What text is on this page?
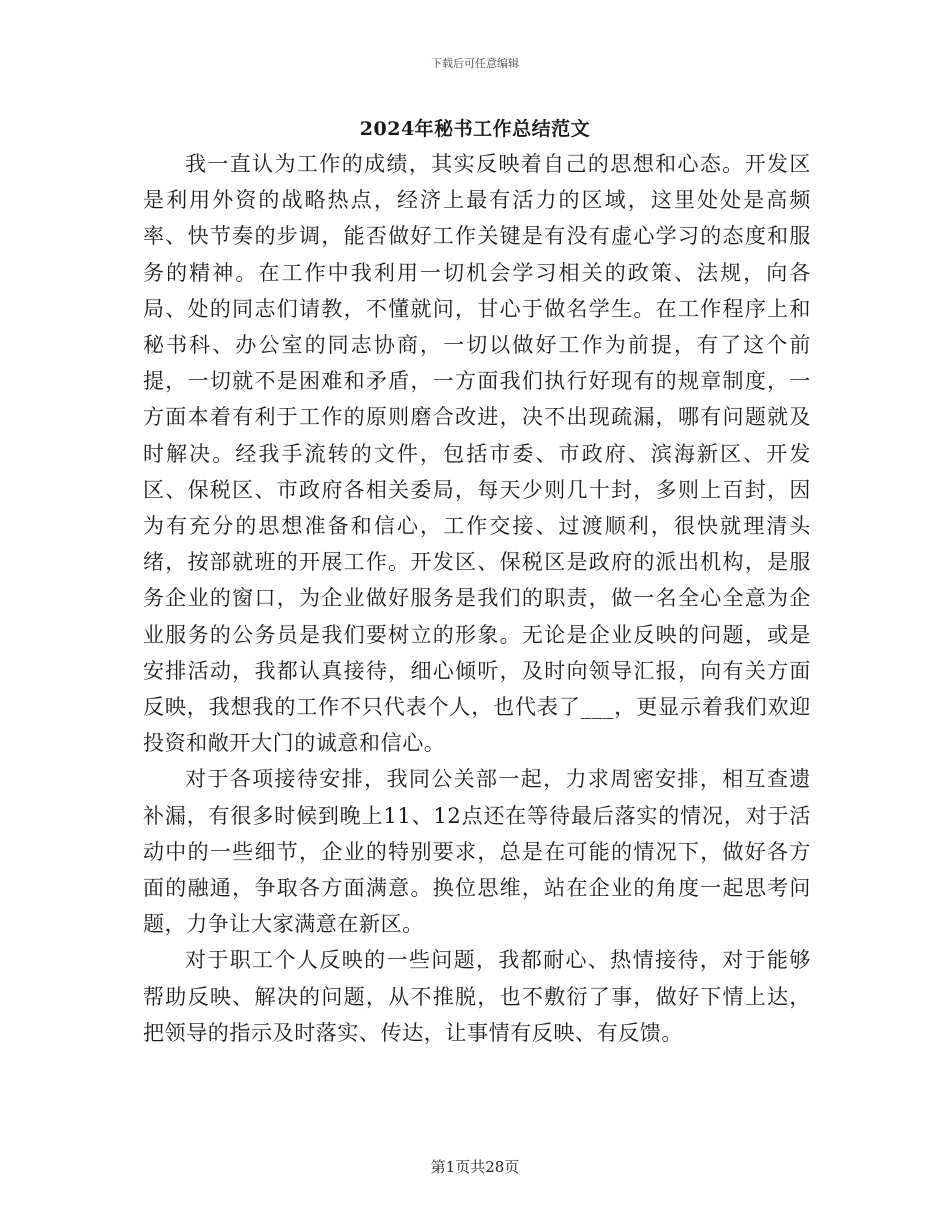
下载后可任意编辑
2024年秘书工作总结范文

我一直认为工作的成绩，其实反映着自己的思想和心态。开发区是利用外资的战略热点，经济上最有活力的区域，这里处处是高频率、快节奏的步调，能否做好工作关键是有没有虚心学习的态度和服务的精神。在工作中我利用一切机会学习相关的政策、法规，向各局、处的同志们请教，不懂就问，甘心于做名学生。在工作程序上和秘书科、办公室的同志协商，一切以做好工作为前提，有了这个前提，一切就不是困难和矛盾，一方面我们执行好现有的规章制度，一方面本着有利于工作的原则磨合改进，决不出现疏漏，哪有问题就及时解决。经我手流转的文件，包括市委、市政府、滨海新区、开发区、保税区、市政府各相关委局，每天少则几十封，多则上百封，因为有充分的思想准备和信心，工作交接、过渡顺利，很快就理清头绪，按部就班的开展工作。开发区、保税区是政府的派出机构，是服务企业的窗口，为企业做好服务是我们的职责，做一名全心全意为企业服务的公务员是我们要树立的形象。无论是企业反映的问题，或是安排活动，我都认真接待，细心倾听，及时向领导汇报，向有关方面反映，我想我的工作不只代表个人，也代表了___，更显示着我们欢迎投资和敞开大门的诚意和信心。

对于各项接待安排，我同公关部一起，力求周密安排，相互查遗补漏，有很多时候到晚上11、12点还在等待最后落实的情况，对于活动中的一些细节，企业的特别要求，总是在可能的情况下，做好各方面的融通，争取各方面满意。换位思维，站在企业的角度一起思考问题，力争让大家满意在新区。

对于职工个人反映的一些问题，我都耐心、热情接待，对于能够帮助反映、解决的问题，从不推脱，也不敷衍了事，做好下情上达，把领导的指示及时落实、传达，让事情有反映、有反馈。

第1页共28页
